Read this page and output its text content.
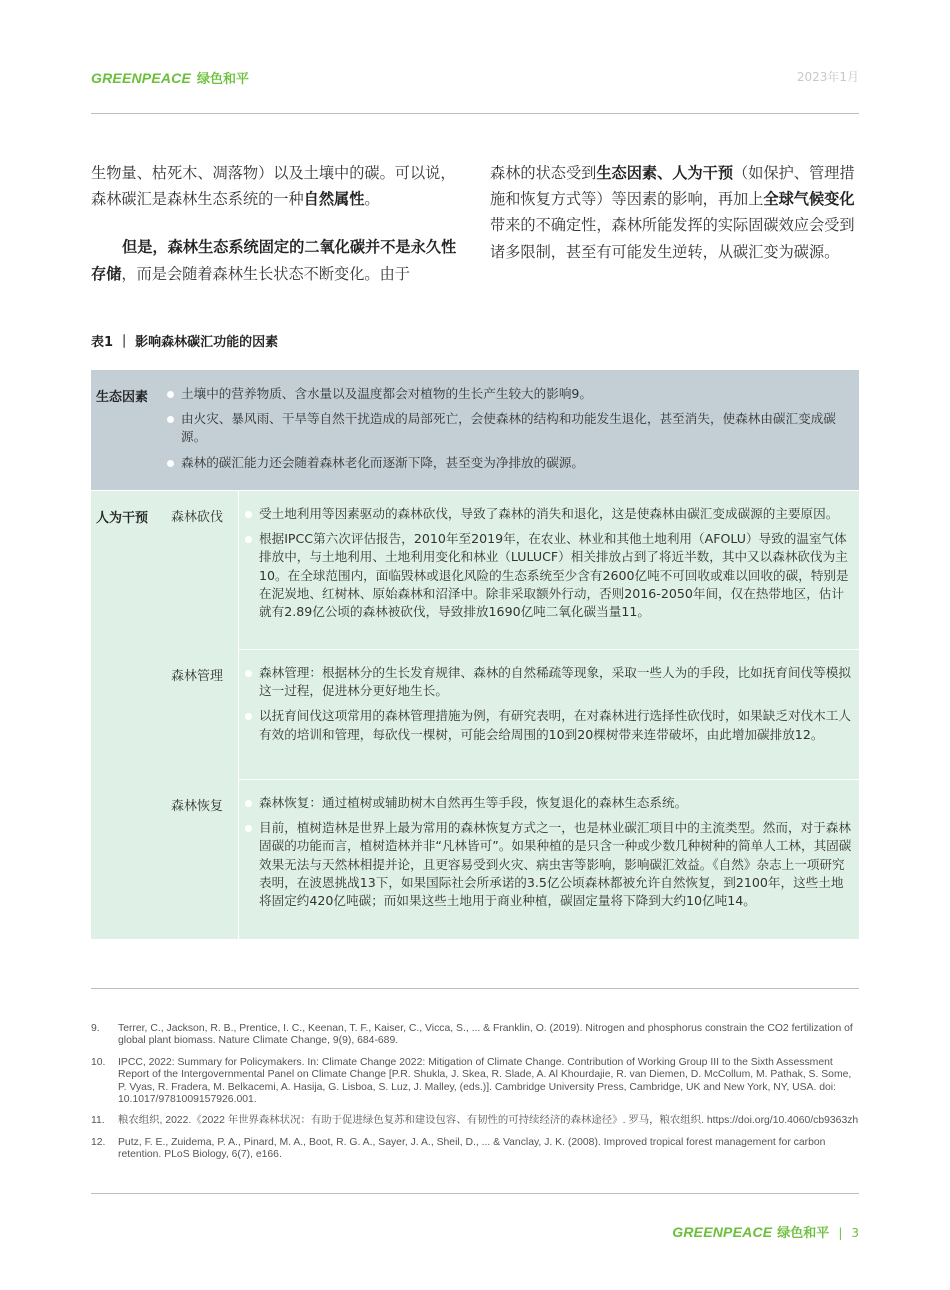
GREENPEACE 绿色和平	2023年1月

生物量、枯死木、凋落物）以及土壤中的碳。可以说，森林碳汇是森林生态系统的一种自然属性。

但是，森林生态系统固定的二氧化碳并不是永久性存储，而是会随着森林生长状态不断变化。由于

森林的状态受到生态因素、人为干预（如保护、管理措施和恢复方式等）等因素的影响，再加上全球气候变化带来的不确定性，森林所能发挥的实际固碳效应会受到诸多限制，甚至有可能发生逆转，从碳汇变为碳源。

表1 ｜ 影响森林碳汇功能的因素
生态因素	土壤中的营养物质、含水量以及温度都会对植物的生长产生较大的影响9。
由火灾、暴风雨、干旱等自然干扰造成的局部死亡，会使森林的结构和功能发生退化，甚至消失，使森林由碳汇变成碳源。
森林的碳汇能力还会随着森林老化而逐渐下降，甚至变为净排放的碳源。
人为干预	森林砍伐	受土地利用等因素驱动的森林砍伐，导致了森林的消失和退化，这是使森林由碳汇变成碳源的主要原因。
根据IPCC第六次评估报告，2010年至2019年，在农业、林业和其他土地利用（AFOLU）导致的温室气体排放中，与土地利用、土地利用变化和林业（LULUCF）相关排放占到了将近半数，其中又以森林砍伐为主10。在全球范围内，面临毁林或退化风险的生态系统至少含有2600亿吨不可回收或难以回收的碳，特别是在泥炭地、红树林、原始森林和沼泽中。除非采取额外行动，否则2016-2050年间，仅在热带地区，估计就有2.89亿公顷的森林被砍伐，导致排放1690亿吨二氧化碳当量11。
森林管理	森林管理：根据林分的生长发育规律、森林的自然稀疏等现象，采取一些人为的手段，比如抚育间伐等模拟这一过程，促进林分更好地生长。
以抚育间伐这项常用的森林管理措施为例，有研究表明，在对森林进行选择性砍伐时，如果缺乏对伐木工人有效的培训和管理，每砍伐一棵树，可能会给周围的10到20棵树带来连带破坏，由此增加碳排放12。
森林恢复	森林恢复：通过植树或辅助树木自然再生等手段，恢复退化的森林生态系统。
目前，植树造林是世界上最为常用的森林恢复方式之一，也是林业碳汇项目中的主流类型。然而，对于森林固碳的功能而言，植树造林并非“凡林皆可”。如果种植的是只含一种或少数几种树种的简单人工林，其固碳效果无法与天然林相提并论，且更容易受到火灾、病虫害等影响，影响碳汇效益。《自然》杂志上一项研究表明，在波恩挑战13下，如果国际社会所承诺的3.5亿公顷森林都被允许自然恢复，到2100年，这些土地将固定约420亿吨碳；而如果这些土地用于商业种植，碳固定量将下降到大约10亿吨14。
9.	Terrer, C., Jackson, R. B., Prentice, I. C., Keenan, T. F., Kaiser, C., Vicca, S., ... & Franklin, O. (2019). Nitrogen and phosphorus constrain the CO2 fertilization of global plant biomass. Nature Climate Change, 9(9), 684-689.
10.	IPCC, 2022: Summary for Policymakers. In: Climate Change 2022: Mitigation of Climate Change. Contribution of Working Group III to the Sixth Assessment Report of the Intergovernmental Panel on Climate Change [P.R. Shukla, J. Skea, R. Slade, A. Al Khourdajie, R. van Diemen, D. McCollum, M. Pathak, S. Some, P. Vyas, R. Fradera, M. Belkacemi, A. Hasija, G. Lisboa, S. Luz, J. Malley, (eds.)]. Cambridge University Press, Cambridge, UK and New York, NY, USA. doi: 10.1017/9781009157926.001.
11.	粮农组织, 2022.《2022 年世界森林状况：有助于促进绿色复苏和建设包容、有韧性的可持续经济的森林途径》. 罗马，粮农组织. https://doi.org/10.4060/cb9363zh
12.	Putz, F. E., Zuidema, P. A., Pinard, M. A., Boot, R. G. A., Sayer, J. A., Sheil, D., ... & Vanclay, J. K. (2008). Improved tropical forest management for carbon retention. PLoS Biology, 6(7), e166.
GREENPEACE 绿色和平 | 3
